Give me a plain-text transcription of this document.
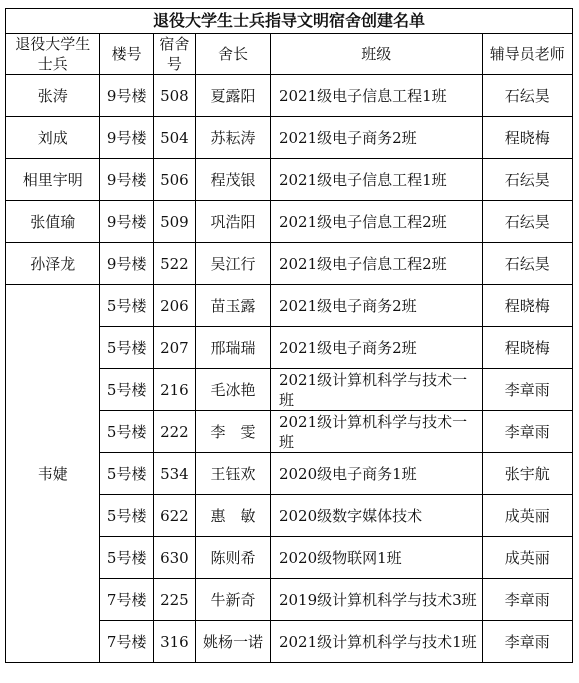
退役大学生士兵指导文明宿舍创建名单					
退役大学生士兵	楼号	宿舍号	舍长	班级	辅导员老师
张涛	9号楼	508	夏露阳	2021级电子信息工程1班	石纭昊
刘成	9号楼	504	苏耘涛	2021级电子商务2班	程晓梅
相里宇明	9号楼	506	程茂银	2021级电子信息工程1班	石纭昊
张值瑜	9号楼	509	巩浩阳	2021级电子信息工程2班	石纭昊
孙泽龙	9号楼	522	吴江行	2021级电子信息工程2班	石纭昊
韦婕	5号楼	206	苗玉露	2021级电子商务2班	程晓梅
	5号楼	207	邢瑞瑞	2021级电子商务2班	程晓梅
	5号楼	216	毛冰艳	2021级计算机科学与技术一班	李章雨
	5号楼	222	李　雯	2021级计算机科学与技术一班	李章雨
	5号楼	534	王钰欢	2020级电子商务1班	张宇航
	5号楼	622	惠　敏	2020级数字媒体技术	成英丽
	5号楼	630	陈则希	2020级物联网1班	成英丽
	7号楼	225	牛新奇	2019级计算机科学与技术3班	李章雨
	7号楼	316	姚杨一诺	2021级计算机科学与技术1班	李章雨
